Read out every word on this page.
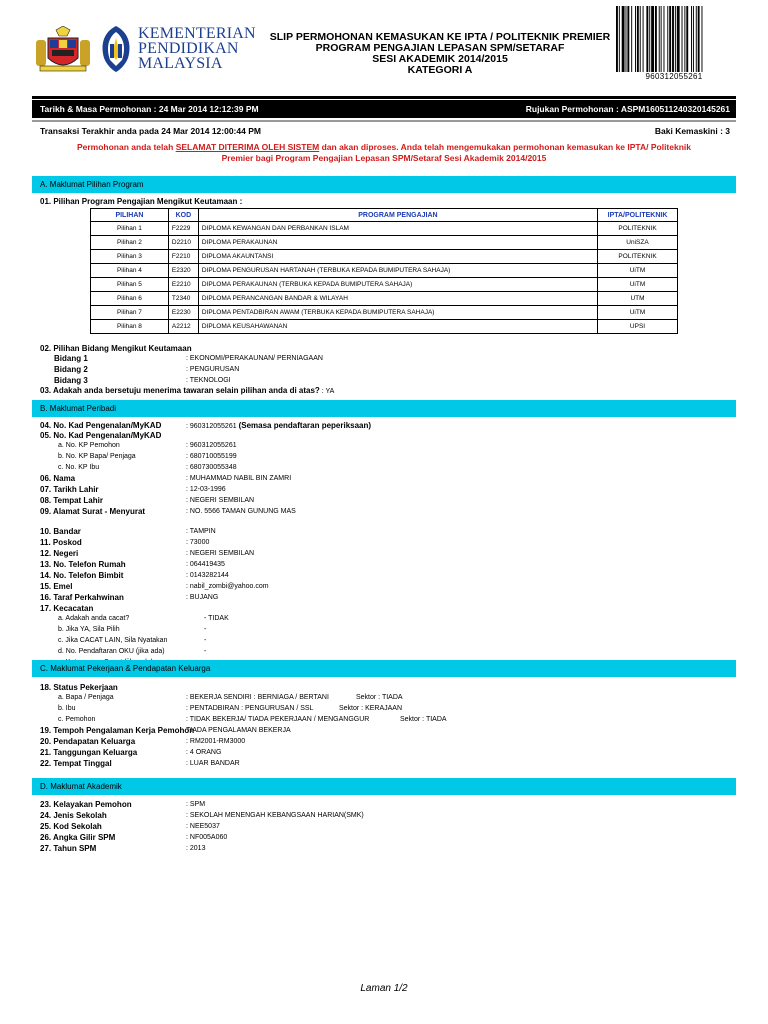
KEMENTERIAN
PENDIDIKAN
MALAYSIA
SLIP PERMOHONAN KEMASUKAN KE IPTA / POLITEKNIK PREMIER
PROGRAM PENGAJIAN LEPASAN SPM/SETARAF
SESI AKADEMIK 2014/2015
KATEGORI A
960312055261
Tarikh & Masa Permohonan : 24 Mar 2014 12:12:39 PM	Rujukan Permohonan : ASPM160511240320145261
Transaksi Terakhir anda pada 24 Mar 2014 12:00:44 PM	Baki Kemaskini : 3
Permohonan anda telah SELAMAT DITERIMA OLEH SISTEM dan akan diproses. Anda telah mengemukakan permohonan kemasukan ke IPTA/ Politeknik Premier bagi Program Pengajian Lepasan SPM/Setaraf Sesi Akademik 2014/2015
A. Maklumat Pilihan Program
01. Pilihan Program Pengajian Mengikut Keutamaan :
PILIHAN	KOD	PROGRAM PENGAJIAN	IPTA/POLITEKNIK
Pilihan 1	F2229	DIPLOMA KEWANGAN DAN PERBANKAN ISLAM	POLITEKNIK
Pilihan 2	D2210	DIPLOMA PERAKAUNAN	UniSZA
Pilihan 3	F2210	DIPLOMA AKAUNTANSI	POLITEKNIK
Pilihan 4	E2320	DIPLOMA PENGURUSAN HARTANAH (TERBUKA KEPADA BUMIPUTERA SAHAJA)	UiTM
Pilihan 5	E2210	DIPLOMA PERAKAUNAN (TERBUKA KEPADA BUMIPUTERA SAHAJA)	UiTM
Pilihan 6	T2340	DIPLOMA PERANCANGAN BANDAR & WILAYAH	UTM
Pilihan 7	E2230	DIPLOMA PENTADBIRAN AWAM (TERBUKA KEPADA BUMIPUTERA SAHAJA)	UiTM
Pilihan 8	A2212	DIPLOMA KEUSAHAWANAN	UPSI
02. Pilihan Bidang Mengikut Keutamaan
Bidang 1	: EKONOMI/PERAKAUNAN/ PERNIAGAAN
Bidang 2	: PENGURUSAN
Bidang 3	: TEKNOLOGI
03. Adakah anda bersetuju menerima tawaran selain pilihan anda di atas? : YA
B. Maklumat Peribadi
04. No. Kad Pengenalan/MyKAD	: 960312055261 (Semasa pendaftaran peperiksaan)
05. No. Kad Pengenalan/MyKAD
a. No. KP Pemohon	: 960312055261
b. No. KP Bapa/ Penjaga	: 680710055199
c. No. KP Ibu	: 680730055348
06. Nama	: MUHAMMAD NABIL BIN ZAMRI
07. Tarikh Lahir	: 12-03-1996
08. Tempat Lahir	: NEGERI SEMBILAN
09. Alamat Surat - Menyurat	: NO. 5566 TAMAN GUNUNG MAS
10. Bandar	: TAMPIN
11. Poskod	: 73000
12. Negeri	: NEGERI SEMBILAN
13. No. Telefon Rumah	: 064419435
14. No. Telefon Bimbit	: 0143282144
15. Emel	: nabil_zombi@yahoo.com
16. Taraf Perkahwinan	: BUJANG
17. Kecacatan
a. Adakah anda cacat?	- TIDAK
b. Jika YA, Sila Pilih	-
c. Jika CACAT LAIN, Sila Nyatakan	-
d. No. Pendaftaran OKU (jika ada)	-
C. Maklumat Pekerjaan & Pendapatan Keluarga
18. Status Pekerjaan
a. Bapa / Penjaga	: BEKERJA SENDIRI : BERNIAGA / BERTANI	Sektor : TIADA
b. Ibu	: PENTADBIRAN : PENGURUSAN / SSL	Sektor : KERAJAAN
c. Pemohon	: TIDAK BEKERJA/ TIADA PEKERJAAN / MENGANGGUR	Sektor : TIADA
19. Tempoh Pengalaman Kerja Pemohon
TIADA PENGALAMAN BEKERJA
20. Pendapatan Keluarga	: RM2001-RM3000
21. Tanggungan Keluarga	: 4 ORANG
22. Tempat Tinggal	: LUAR BANDAR
D. Maklumat Akademik
23. Kelayakan Pemohon	: SPM
24. Jenis Sekolah	: SEKOLAH MENENGAH KEBANGSAAN HARIAN(SMK)
25. Kod Sekolah	: NEE5037
26. Angka Gilir SPM	: NF005A060
27. Tahun SPM	: 2013
Laman 1/2
